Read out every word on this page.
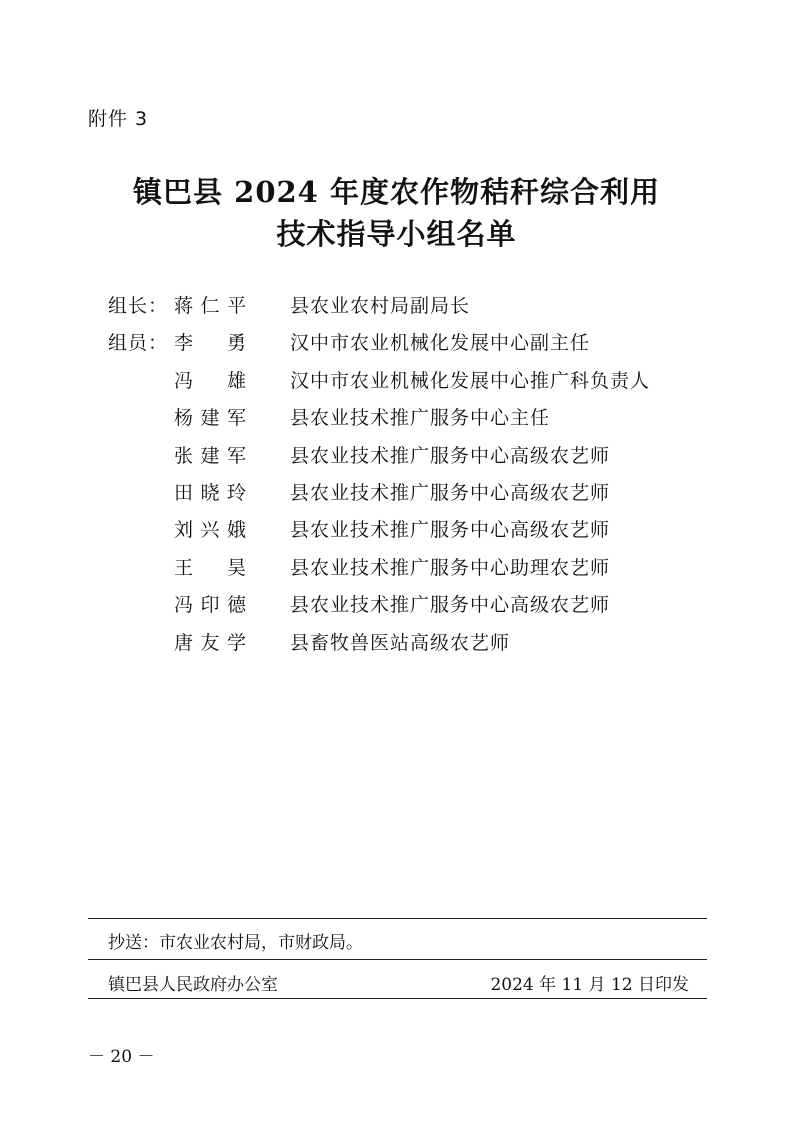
附件 3
镇巴县 2024 年度农作物秸秆综合利用
技术指导小组名单
组长： 蒋 仁 平 县农业农村局副局长
组员： 李 勇 汉中市农业机械化发展中心副主任
冯 雄 汉中市农业机械化发展中心推广科负责人
杨 建 军 县农业技术推广服务中心主任
张 建 军 县农业技术推广服务中心高级农艺师
田 晓 玲 县农业技术推广服务中心高级农艺师
刘 兴 娥 县农业技术推广服务中心高级农艺师
王 昊 县农业技术推广服务中心助理农艺师
冯 印 德 县农业技术推广服务中心高级农艺师
唐 友 学 县畜牧兽医站高级农艺师
抄送：市农业农村局，市财政局。
镇巴县人民政府办公室	2024 年 11 月 12 日印发
－ 20 －
